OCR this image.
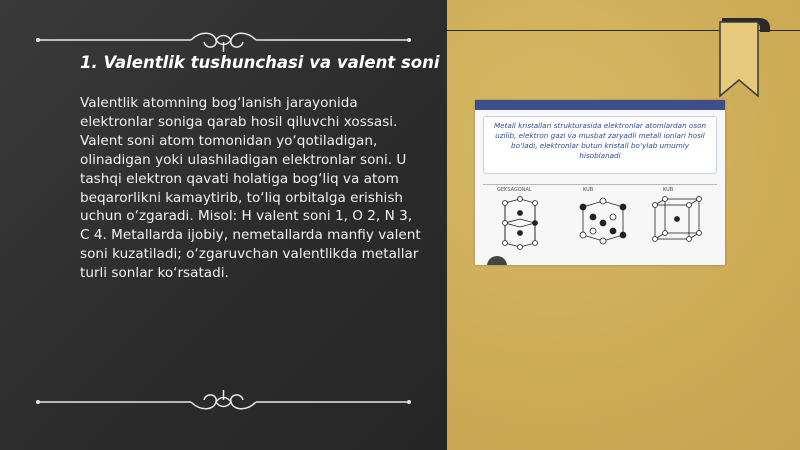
1. Valentlik tushunchasi va valent soni
Valentlik atomning bog‘lanish jarayonida elektronlar soniga qarab hosil qiluvchi xossasi. Valent soni atom tomonidan yo‘qotiladigan, olinadigan yoki ulashiladigan elektronlar soni. U tashqi elektron qavati holatiga bog‘liq va atom beqarorlikni kamaytirib, to‘liq orbitalga erishish uchun o‘zgaradi. Misol: H valent soni 1, O 2, N 3, C 4. Metallarda ijobiy, nemetallarda manfiy valent soni kuzatiladi; o‘zgaruvchan valentlikda metallar turli sonlar ko‘rsatadi.
Metall kristallari strukturasida elektronlar atomlardan oson uzilib, elektron gazi va musbat zaryadli metall ionlari hosil bo‘ladi, elektronlar butun kristall bo‘ylab umumiy hisoblanadi
GEKSAGONAL	KUB	KUB
